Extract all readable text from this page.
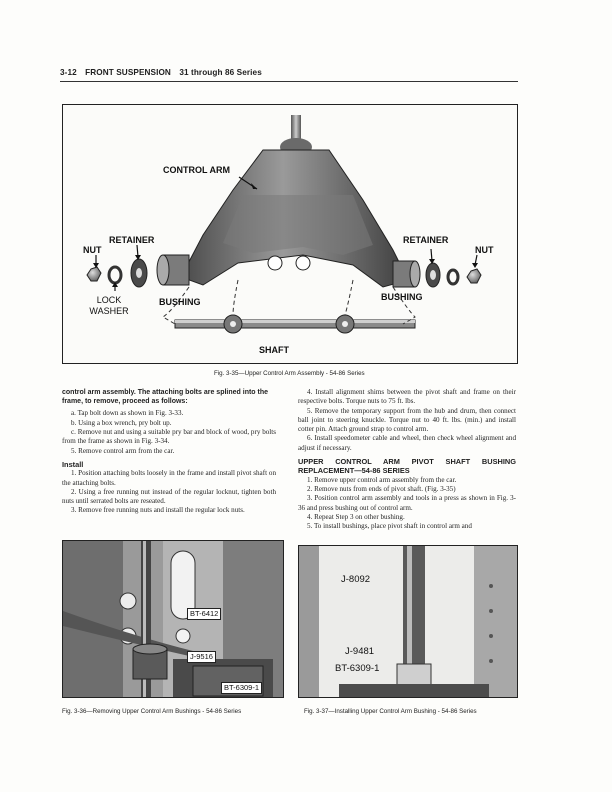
3-12 FRONT SUSPENSION 31 through 86 Series
CONTROL ARM
RETAINER
NUT
LOCK WASHER
BUSHING
RETAINER
NUT
BUSHING
SHAFT
Fig. 3-35—Upper Control Arm Assembly - 54-86 Series

control arm assembly. The attaching bolts are splined into the frame, to remove, proceed as follows:

a. Tap bolt down as shown in Fig. 3-33.

b. Using a box wrench, pry bolt up.

c. Remove nut and using a suitable pry bar and block of wood, pry bolts from the frame as shown in Fig. 3-34.

5. Remove control arm from the car.

Install

1. Position attaching bolts loosely in the frame and install pivot shaft on the attaching bolts.

2. Using a free running nut instead of the regular locknut, tighten both nuts until serrated bolts are reseated.

3. Remove free running nuts and install the regular lock nuts.

4. Install alignment shims between the pivot shaft and frame on their respective bolts. Torque nuts to 75 ft. lbs.

5. Remove the temporary support from the hub and drum, then connect ball joint to steering knuckle. Torque nut to 40 ft. lbs. (min.) and install cotter pin. Attach ground strap to control arm.

6. Install speedometer cable and wheel, then check wheel alignment and adjust if necessary.

UPPER CONTROL ARM PIVOT SHAFT BUSHING REPLACEMENT—54-86 SERIES

1. Remove upper control arm assembly from the car.

2. Remove nuts from ends of pivot shaft. (Fig. 3-35)

3. Position control arm assembly and tools in a press as shown in Fig. 3-36 and press bushing out of control arm.

4. Repeat Step 3 on other bushing.

5. To install bushings, place pivot shaft in control arm and

BT-6412
J-9516
BT-6309-1
Fig. 3-36—Removing Upper Control Arm Bushings - 54-86 Series
J-8092
J-9481
BT-6309-1
Fig. 3-37—Installing Upper Control Arm Bushing - 54-86 Series
